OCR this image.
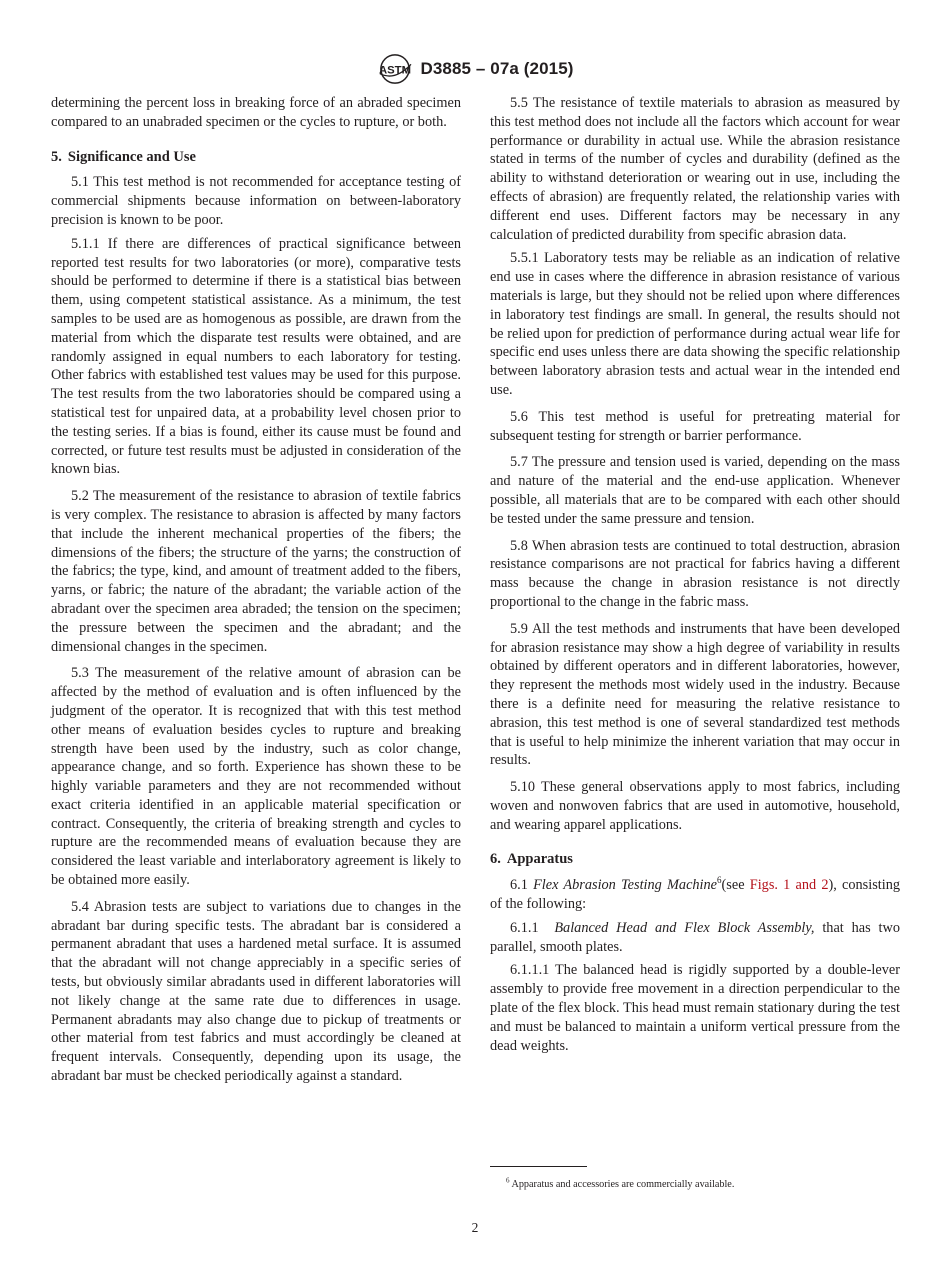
ASTM D3885 – 07a (2015)

determining the percent loss in breaking force of an abraded specimen compared to an unabraded specimen or the cycles to rupture, or both.

5. Significance and Use

5.1 This test method is not recommended for acceptance testing of commercial shipments because information on between-laboratory precision is known to be poor.

5.1.1 If there are differences of practical significance between reported test results for two laboratories (or more), comparative tests should be performed to determine if there is a statistical bias between them, using competent statistical assistance. As a minimum, the test samples to be used are as homogenous as possible, are drawn from the material from which the disparate test results were obtained, and are randomly assigned in equal numbers to each laboratory for testing. Other fabrics with established test values may be used for this purpose. The test results from the two laboratories should be compared using a statistical test for unpaired data, at a probability level chosen prior to the testing series. If a bias is found, either its cause must be found and corrected, or future test results must be adjusted in consideration of the known bias.

5.2 The measurement of the resistance to abrasion of textile fabrics is very complex. The resistance to abrasion is affected by many factors that include the inherent mechanical properties of the fibers; the dimensions of the fibers; the structure of the yarns; the construction of the fabrics; the type, kind, and amount of treatment added to the fibers, yarns, or fabric; the nature of the abradant; the variable action of the abradant over the specimen area abraded; the tension on the specimen; the pressure between the specimen and the abradant; and the dimensional changes in the specimen.

5.3 The measurement of the relative amount of abrasion can be affected by the method of evaluation and is often influenced by the judgment of the operator. It is recognized that with this test method other means of evaluation besides cycles to rupture and breaking strength have been used by the industry, such as color change, appearance change, and so forth. Experience has shown these to be highly variable parameters and they are not recommended without exact criteria identified in an applicable material specification or contract. Consequently, the criteria of breaking strength and cycles to rupture are the recommended means of evaluation because they are considered the least variable and interlaboratory agreement is likely to be obtained more easily.

5.4 Abrasion tests are subject to variations due to changes in the abradant bar during specific tests. The abradant bar is considered a permanent abradant that uses a hardened metal surface. It is assumed that the abradant will not change appreciably in a specific series of tests, but obviously similar abradants used in different laboratories will not likely change at the same rate due to differences in usage. Permanent abradants may also change due to pickup of treatments or other material from test fabrics and must accordingly be cleaned at frequent intervals. Consequently, depending upon its usage, the abradant bar must be checked periodically against a standard.

5.5 The resistance of textile materials to abrasion as measured by this test method does not include all the factors which account for wear performance or durability in actual use. While the abrasion resistance stated in terms of the number of cycles and durability (defined as the ability to withstand deterioration or wearing out in use, including the effects of abrasion) are frequently related, the relationship varies with different end uses. Different factors may be necessary in any calculation of predicted durability from specific abrasion data.

5.5.1 Laboratory tests may be reliable as an indication of relative end use in cases where the difference in abrasion resistance of various materials is large, but they should not be relied upon where differences in laboratory test findings are small. In general, the results should not be relied upon for prediction of performance during actual wear life for specific end uses unless there are data showing the specific relationship between laboratory abrasion tests and actual wear in the intended end use.

5.6 This test method is useful for pretreating material for subsequent testing for strength or barrier performance.

5.7 The pressure and tension used is varied, depending on the mass and nature of the material and the end-use application. Whenever possible, all materials that are to be compared with each other should be tested under the same pressure and tension.

5.8 When abrasion tests are continued to total destruction, abrasion resistance comparisons are not practical for fabrics having a different mass because the change in abrasion resistance is not directly proportional to the change in the fabric mass.

5.9 All the test methods and instruments that have been developed for abrasion resistance may show a high degree of variability in results obtained by different operators and in different laboratories, however, they represent the methods most widely used in the industry. Because there is a definite need for measuring the relative resistance to abrasion, this test method is one of several standardized test methods that is useful to help minimize the inherent variation that may occur in results.

5.10 These general observations apply to most fabrics, including woven and nonwoven fabrics that are used in automotive, household, and wearing apparel applications.

6. Apparatus

6.1 Flex Abrasion Testing Machine$^6$(see Figs. 1 and 2), consisting of the following:

6.1.1 Balanced Head and Flex Block Assembly, that has two parallel, smooth plates.

6.1.1.1 The balanced head is rigidly supported by a double-lever assembly to provide free movement in a direction perpendicular to the plate of the flex block. This head must remain stationary during the test and must be balanced to maintain a uniform vertical pressure from the dead weights.

$^6$ Apparatus and accessories are commercially available.
2
